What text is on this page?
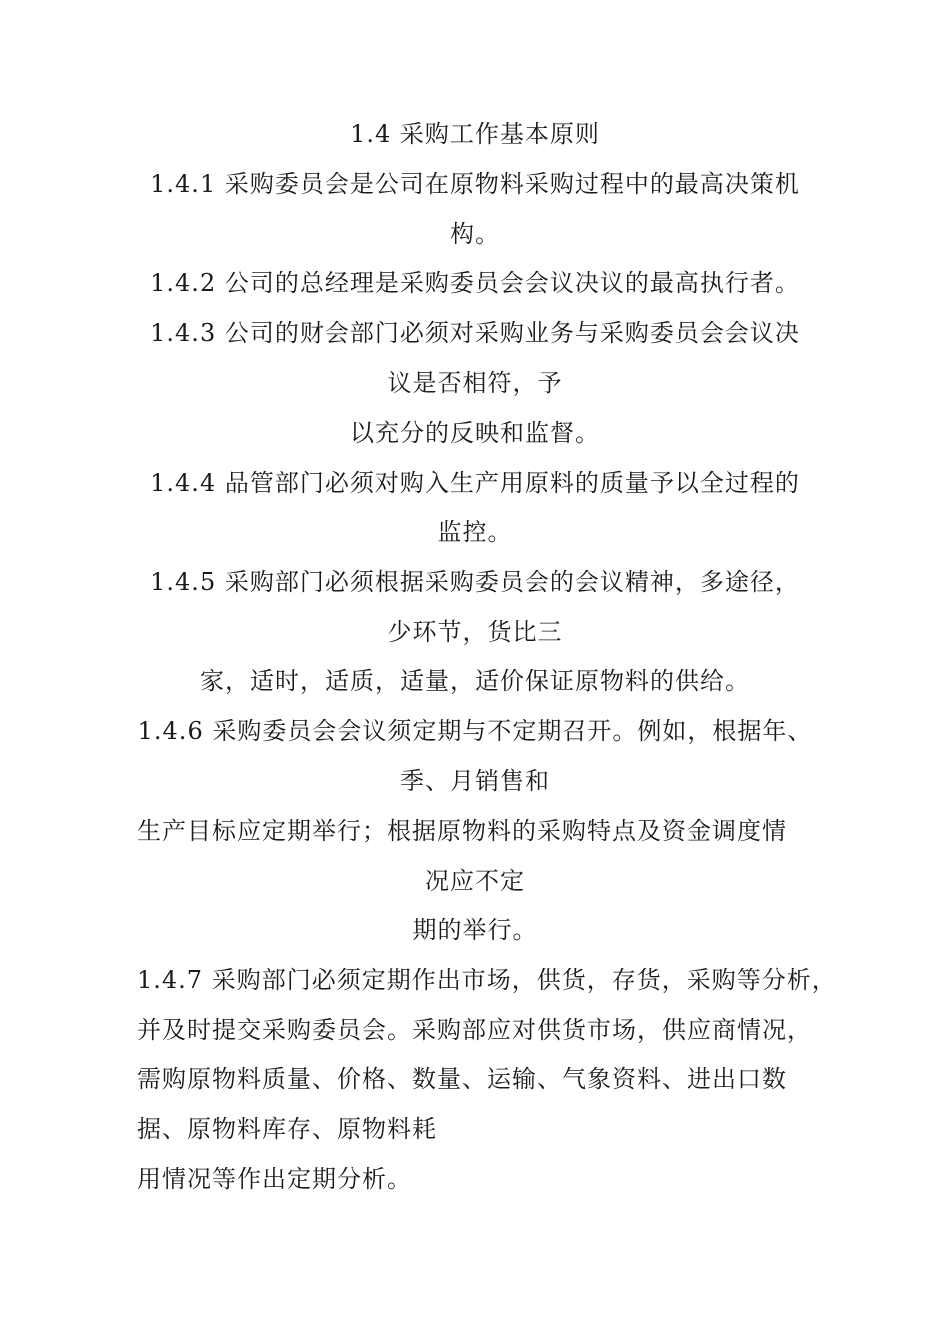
1.4 采购工作基本原则
1.4.1 采购委员会是公司在原物料采购过程中的最高决策机
构。
1.4.2 公司的总经理是采购委员会会议决议的最高执行者。
1.4.3 公司的财会部门必须对采购业务与采购委员会会议决
议是否相符，予
以充分的反映和监督。
1.4.4 品管部门必须对购入生产用原料的质量予以全过程的
监控。
1.4.5 采购部门必须根据采购委员会的会议精神，多途径，
少环节，货比三
家，适时，适质，适量，适价保证原物料的供给。
1.4.6 采购委员会会议须定期与不定期召开。例如，根据年、
季、月销售和
生产目标应定期举行；根据原物料的采购特点及资金调度情
况应不定
期的举行。
1.4.7 采购部门必须定期作出市场，供货，存货，采购等分析，
并及时提交采购委员会。采购部应对供货市场，供应商情况，
需购原物料质量、价格、数量、运输、气象资料、进出口数
据、原物料库存、原物料耗
用情况等作出定期分析。
